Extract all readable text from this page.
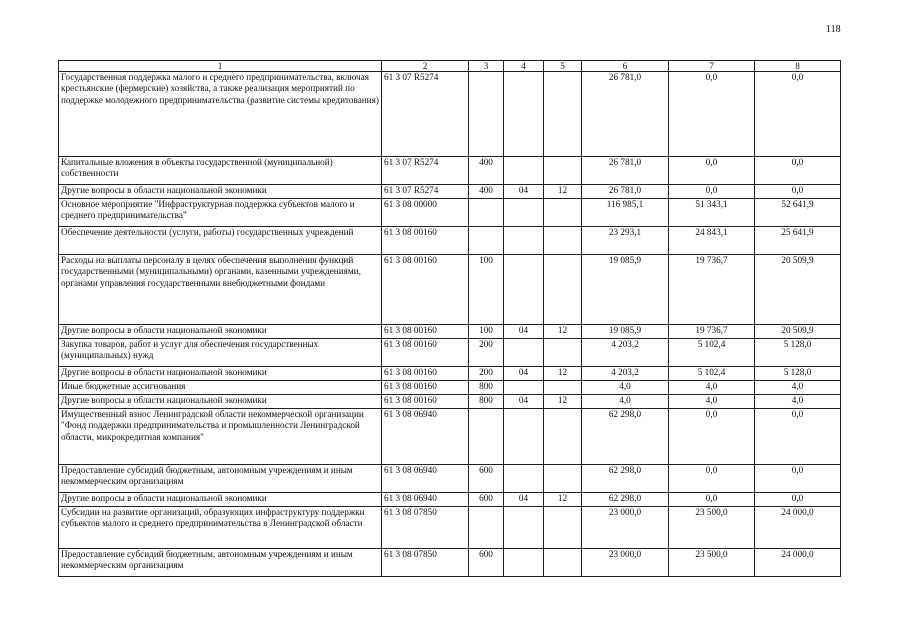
118
1	2	3	4	5	6	7	8
Государственная поддержка малого и среднего предпринимательства, включая крестьянские (фермерские) хозяйства, а также реализация мероприятий по поддержке молодежного предпринимательства (развитие системы кредитования)	61 3 07 R5274				26 781,0	0,0	0,0
Капитальные вложения в объекты государственной (муниципальной) собственности	61 3 07 R5274	400			26 781,0	0,0	0,0
Другие вопросы в области национальной экономики	61 3 07 R5274	400	04	12	26 781,0	0,0	0,0
Основное мероприятие "Инфраструктурная поддержка субъектов малого и среднего предпринимательства"	61 3 08 00000				116 985,1	51 343,1	52 641,9
Обеспечение деятельности (услуги, работы) государственных учреждений	61 3 08 00160				23 293,1	24 843,1	25 641,9
Расходы на выплаты персоналу в целях обеспечения выполнения функций государственными (муниципальными) органами, казенными учреждениями, органами управления государственными внебюджетными фондами	61 3 08 00160	100			19 085,9	19 736,7	20 509,9
Другие вопросы в области национальной экономики	61 3 08 00160	100	04	12	19 085,9	19 736,7	20 509,9
Закупка товаров, работ и услуг для обеспечения государственных (муниципальных) нужд	61 3 08 00160	200			4 203,2	5 102,4	5 128,0
Другие вопросы в области национальной экономики	61 3 08 00160	200	04	12	4 203,2	5 102,4	5 128,0
Иные бюджетные ассигнования	61 3 08 00160	800			4,0	4,0	4,0
Другие вопросы в области национальной экономики	61 3 08 00160	800	04	12	4,0	4,0	4,0
Имущественный взнос Ленинградской области некоммерческой организации "Фонд поддержки предпринимательства и промышленности Ленинградской области, микрокредитная компания"	61 3 08 06940				62 298,0	0,0	0,0
Предоставление субсидий бюджетным, автономным учреждениям и иным некоммерческим организациям	61 3 08 06940	600			62 298,0	0,0	0,0
Другие вопросы в области национальной экономики	61 3 08 06940	600	04	12	62 298,0	0,0	0,0
Субсидии на развитие организаций, образующих инфраструктуру поддержки субъектов малого и среднего предпринимательства в Ленинградской области	61 3 08 07850				23 000,0	23 500,0	24 000,0
Предоставление субсидий бюджетным, автономным учреждениям и иным некоммерческим организациям	61 3 08 07850	600			23 000,0	23 500,0	24 000,0
